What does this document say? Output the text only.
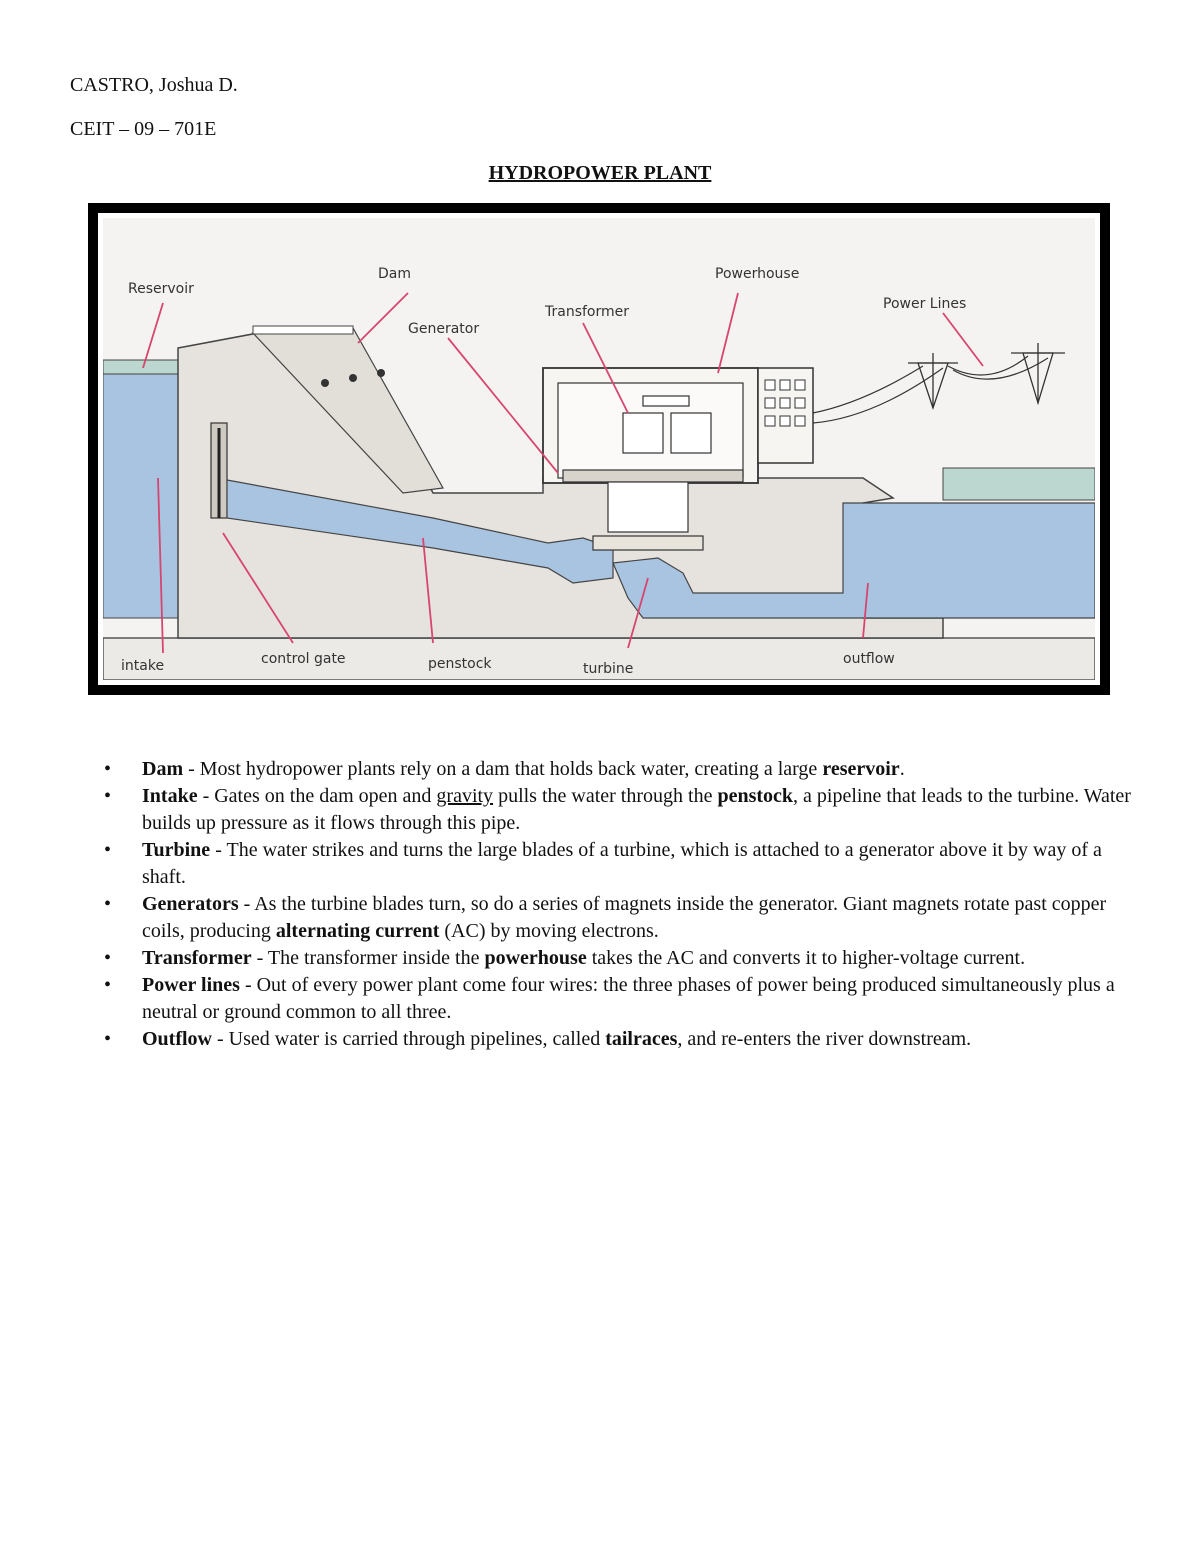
CASTRO, Joshua D.
CEIT – 09 – 701E
HYDROPOWER PLANT
Reservoir
Dam
Generator
Transformer
Powerhouse
Power Lines
intake	control gate	penstock	turbine
outflow
• Dam - Most hydropower plants rely on a dam that holds back water, creating a large reservoir.
• Intake - Gates on the dam open and gravity pulls the water through the penstock, a pipeline that leads to the turbine. Water builds up pressure as it flows through this pipe.
• Turbine - The water strikes and turns the large blades of a turbine, which is attached to a generator above it by way of a shaft.
• Generators - As the turbine blades turn, so do a series of magnets inside the generator. Giant magnets rotate past copper coils, producing alternating current (AC) by moving electrons.
• Transformer - The transformer inside the powerhouse takes the AC and converts it to higher-voltage current.
• Power lines - Out of every power plant come four wires: the three phases of power being produced simultaneously plus a neutral or ground common to all three.
• Outflow - Used water is carried through pipelines, called tailraces, and re-enters the river downstream.
